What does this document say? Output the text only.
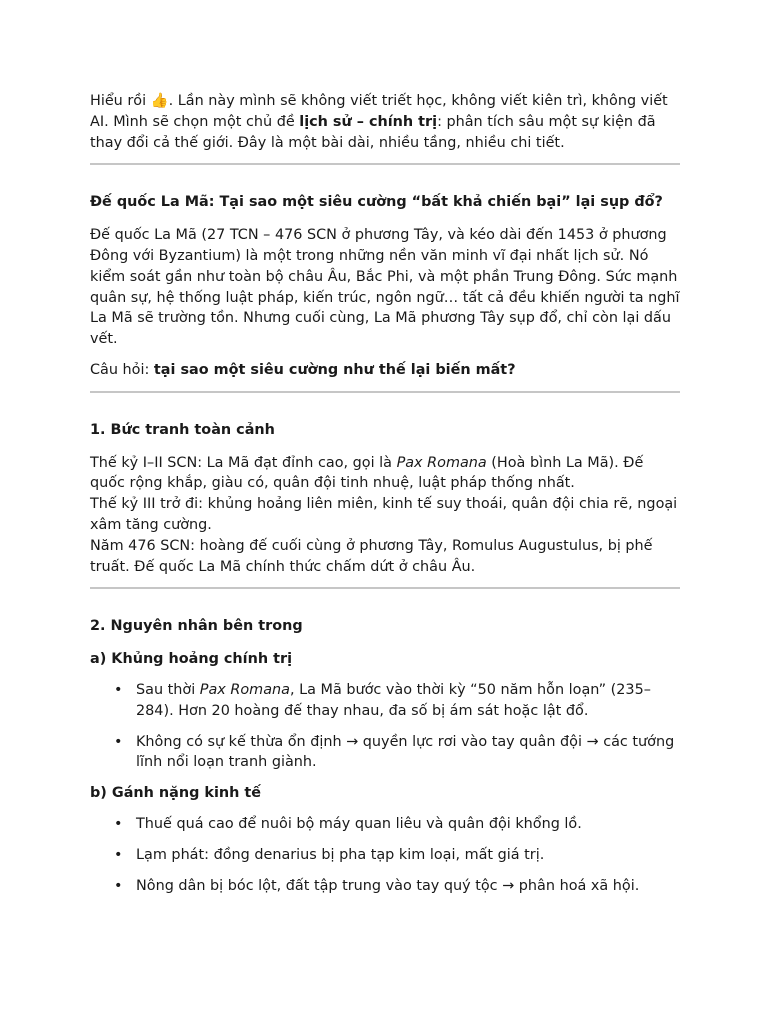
Hiểu rồi 👍. Lần này mình sẽ không viết triết học, không viết kiên trì, không viết AI. Mình sẽ chọn một chủ đề lịch sử – chính trị: phân tích sâu một sự kiện đã thay đổi cả thế giới. Đây là một bài dài, nhiều tầng, nhiều chi tiết.

Đế quốc La Mã: Tại sao một siêu cường “bất khả chiến bại” lại sụp đổ?

Đế quốc La Mã (27 TCN – 476 SCN ở phương Tây, và kéo dài đến 1453 ở phương Đông với Byzantium) là một trong những nền văn minh vĩ đại nhất lịch sử. Nó kiểm soát gần như toàn bộ châu Âu, Bắc Phi, và một phần Trung Đông. Sức mạnh quân sự, hệ thống luật pháp, kiến trúc, ngôn ngữ… tất cả đều khiến người ta nghĩ La Mã sẽ trường tồn. Nhưng cuối cùng, La Mã phương Tây sụp đổ, chỉ còn lại dấu vết.

Câu hỏi: tại sao một siêu cường như thế lại biến mất?

1. Bức tranh toàn cảnh

Thế kỷ I–II SCN: La Mã đạt đỉnh cao, gọi là Pax Romana (Hoà bình La Mã). Đế quốc rộng khắp, giàu có, quân đội tinh nhuệ, luật pháp thống nhất.

Thế kỷ III trở đi: khủng hoảng liên miên, kinh tế suy thoái, quân đội chia rẽ, ngoại xâm tăng cường.

Năm 476 SCN: hoàng đế cuối cùng ở phương Tây, Romulus Augustulus, bị phế truất. Đế quốc La Mã chính thức chấm dứt ở châu Âu.

2. Nguyên nhân bên trong
a) Khủng hoảng chính trị
• Sau thời Pax Romana, La Mã bước vào thời kỳ “50 năm hỗn loạn” (235–284). Hơn 20 hoàng đế thay nhau, đa số bị ám sát hoặc lật đổ.
• Không có sự kế thừa ổn định → quyền lực rơi vào tay quân đội → các tướng lĩnh nổi loạn tranh giành.
b) Gánh nặng kinh tế
• Thuế quá cao để nuôi bộ máy quan liêu và quân đội khổng lồ.
• Lạm phát: đồng denarius bị pha tạp kim loại, mất giá trị.
• Nông dân bị bóc lột, đất tập trung vào tay quý tộc → phân hoá xã hội.
